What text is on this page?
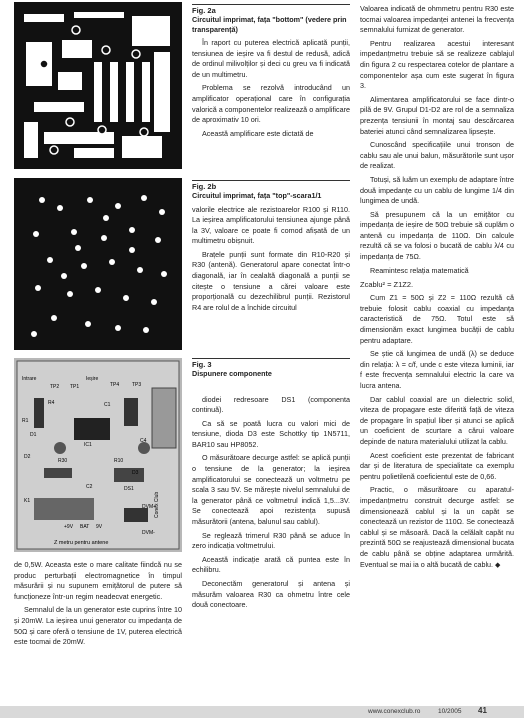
Intrare	Ieșire
TP2 TP1	TP4	TP3
R4
R1
D1
C1
C4
R10
IC1
R30
DS1
C2
D2
D3
K1
BAT 9V
+9V
DVM+
DVM-
Conex Club
Z metru pentru antene

Fig. 2a

Circuitul imprimat, fața "bottom" (vedere prin transparență)

În raport cu puterea electrică aplicată punții, tensiunea de ieșire va fi destul de redusă, adică de ordinul milivolților și deci cu greu va fi indicată de un multimetru.

Problema se rezolvă introducând un amplificator operațional care în configurația valorică a componentelor realizează o amplificare de aproximativ 10 ori.

Această amplificare este dictată de

Fig. 2b

Circuitul imprimat, fața "top"-scara1/1

valorile electrice ale rezistoarelor R100 și R110. La ieșirea amplificatorului tensiunea ajunge până la 3V, valoare ce poate fi comod afișată de un multimetru obișnuit.

Brațele punții sunt formate din R10-R20 și R30 (antenă). Generatorul apare conectat într-o diagonală, iar în cealaltă diagonală a punții se citește o tensiune a cărei valoare este proporțională cu dezechilibrul punții. Rezistorul R4 are rolul de a închide circuitul

Fig. 3

Dispunere componente

diodei redresoare DS1 (componenta continuă).

Ca să se poată lucra cu valori mici de tensiune, dioda D3 este Schottky tip 1N5711, BAR10 sau HP8052.

O măsurătoare decurge astfel: se aplică punții o tensiune de la generator; la ieșirea amplificatorului se conectează un voltmetru pe scala 3 sau 5V. Se mărește nivelul semnalului de la generator până ce voltmetrul indică 1,5...3V. Se conectează apoi rezistența supusă măsurătorii (antena, balunul sau cablul).

Se reglează trimerul R30 până se aduce în zero indicația voltmetrului.

Această indicație arată că puntea este în echilibru.

Deconectăm generatorul și antena și măsurăm valoarea R30 ca ohmetru între cele două conectoare.

de 0,5W. Aceasta este o mare calitate fiindcă nu se produc perturbații electromagnetice în timpul măsurării și nu supunem emițătorul de putere să funcționeze într-un regim neadecvat energetic.

Semnalul de la un generator este cuprins între 10 și 20mW. La ieșirea unui generator cu impedanța de 50Ω și care oferă o tensiune de 1V, puterea electrică este tocmai de 20mW.

Valoarea indicată de ohmmetru pentru R30 este tocmai valoarea impedanței antenei la frecvența semnalului furnizat de generator.

Pentru realizarea acestui interesant impedanțmetru trebuie să se realizeze cablajul din figura 2 cu respectarea cotelor de plantare a componentelor așa cum este sugerat în figura 3.

Alimentarea amplificatorului se face dintr-o pilă de 9V. Grupul D1-D2 are rol de a semnaliza prezența tensiunii în montaj sau descărcarea bateriei atunci când semnalizarea lipsește.

Cunoscând specificațiile unui tronson de cablu sau ale unui balun, măsurătorile sunt ușor de realizat.

Totuși, să luăm un exemplu de adaptare între două impedanțe cu un cablu de lungime 1/4 din lungimea de undă.

Să presupunem că la un emițător cu impedanța de ieșire de 50Ω trebuie să cuplăm o antenă cu impedanța de 110Ω. Din calcule rezultă că se va folosi o bucată de cablu λ/4 cu impedanța de 75Ω.

Reamintesc relația matematică

Zcablu² = Z1Z2.

Cum Z1 = 50Ω și Z2 = 110Ω rezultă că trebuie folosit cablu coaxial cu impedanța caracteristică de 75Ω. Totul este să dimensionăm exact lungimea bucății de cablu pentru adaptare.

Se știe că lungimea de undă (λ) se deduce din relația: λ = c/f, unde c este viteza luminii, iar f este frecvența semnalului electric la care va lucra antena.

Dar cablul coaxial are un dielectric solid, viteza de propagare este diferită față de viteza de propagare în spațiul liber și atunci se aplică un coeficient de scurtare a cărui valoare depinde de natura materialului utilizat la cablu.

Acest coeficient este prezentat de fabricant dar și de literatura de specialitate ca exemplu pentru polietilenă coeficientul este de 0,66.

Practic, o măsurătoare cu aparatul-impedanțmetru construit decurge astfel: se dimensionează cablul și la un capăt se conectează un rezistor de 110Ω. Se conectează cablul și se măsoară. Dacă la celălalt capăt nu prezintă 50Ω se reajustează dimensional bucata de cablu până se obține adaptarea urmărită. Eventual se mai ia o altă bucată de cablu. ◆

www.conexclub.ro	10/2005 41
